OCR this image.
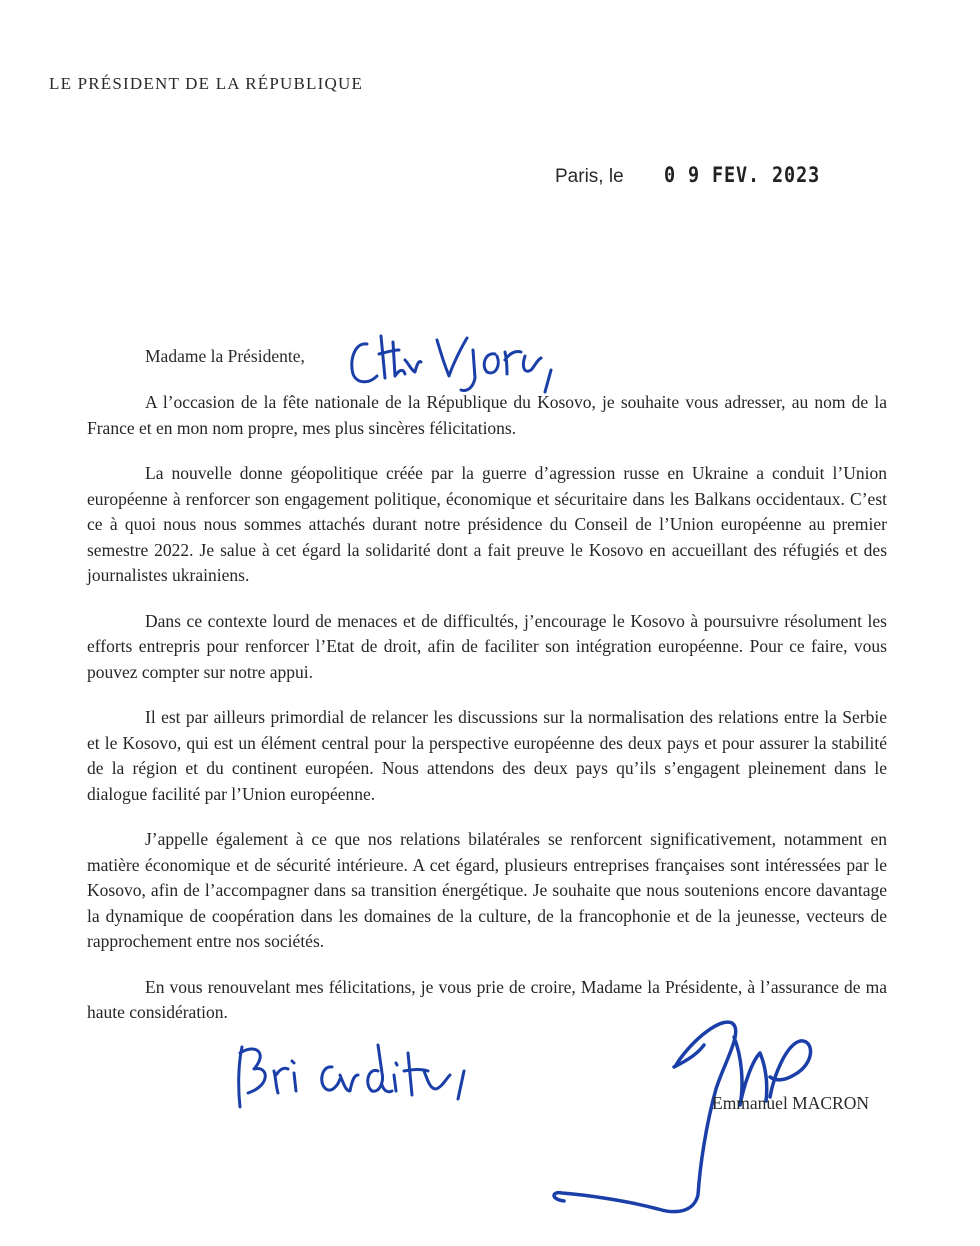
LE PRÉSIDENT DE LA RÉPUBLIQUE
Paris, le 0 9 FEV. 2023
Madame la Présidente,

A l’occasion de la fête nationale de la République du Kosovo, je souhaite vous adresser, au nom de la France et en mon nom propre, mes plus sincères félicitations.

La nouvelle donne géopolitique créée par la guerre d’agression russe en Ukraine a conduit l’Union européenne à renforcer son engagement politique, économique et sécuritaire dans les Balkans occidentaux. C’est ce à quoi nous nous sommes attachés durant notre présidence du Conseil de l’Union européenne au premier semestre 2022. Je salue à cet égard la solidarité dont a fait preuve le Kosovo en accueillant des réfugiés et des journalistes ukrainiens.

Dans ce contexte lourd de menaces et de difficultés, j’encourage le Kosovo à poursuivre résolument les efforts entrepris pour renforcer l’Etat de droit, afin de faciliter son intégration européenne. Pour ce faire, vous pouvez compter sur notre appui.

Il est par ailleurs primordial de relancer les discussions sur la normalisation des relations entre la Serbie et le Kosovo, qui est un élément central pour la perspective européenne des deux pays et pour assurer la stabilité de la région et du continent européen. Nous attendons des deux pays qu’ils s’engagent pleinement dans le dialogue facilité par l’Union européenne.

J’appelle également à ce que nos relations bilatérales se renforcent significativement, notamment en matière économique et de sécurité intérieure. A cet égard, plusieurs entreprises françaises sont intéressées par le Kosovo, afin de l’accompagner dans sa transition énergétique. Je souhaite que nous soutenions encore davantage la dynamique de coopération dans les domaines de la culture, de la francophonie et de la jeunesse, vecteurs de rapprochement entre nos sociétés.

En vous renouvelant mes félicitations, je vous prie de croire, Madame la Présidente, à l’assurance de ma haute considération.

Emmanuel MACRON
